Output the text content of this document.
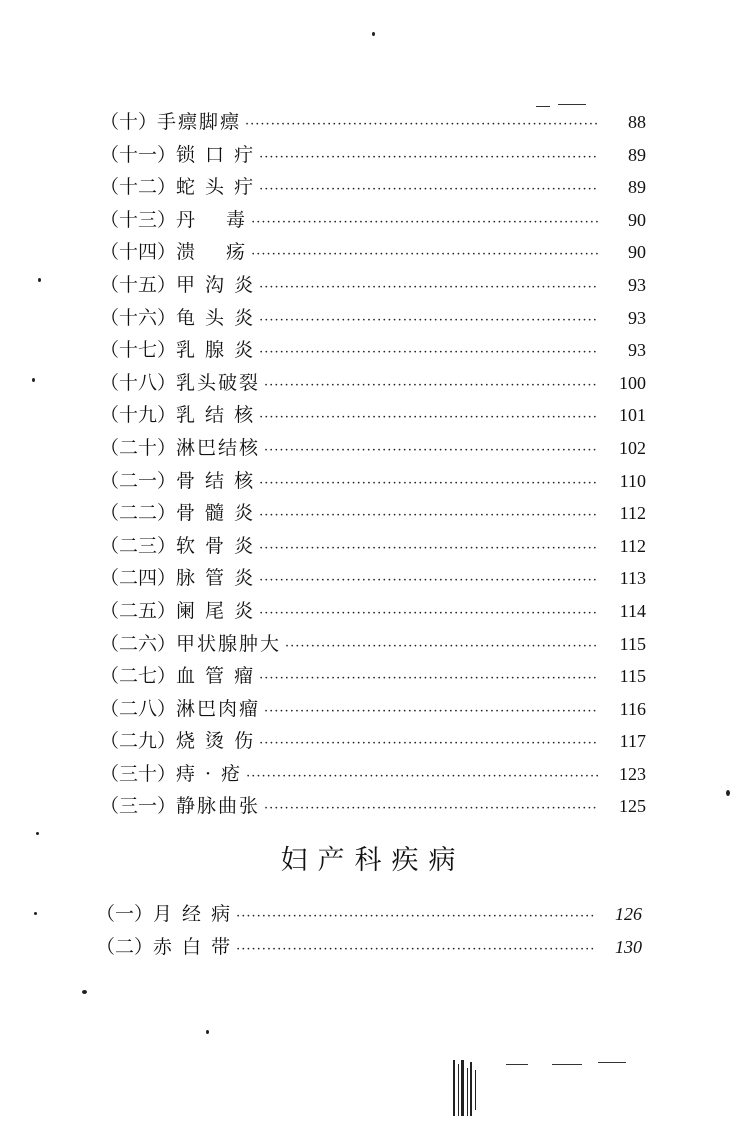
（十） 手瘭脚瘭 ·····	88
（十一） 锁 口 疔 ·····	89
（十二） 蛇 头 疔 ·····	89
（十三） 丹　 毒 ·····	90
（十四） 溃　 疡 ·····	90
（十五） 甲 沟 炎 ·····	93
（十六） 龟 头 炎 ·····	93
（十七） 乳 腺 炎 ·····	93
（十八） 乳头破裂 ·····	100
（十九） 乳 结 核 ·····	101
（二十） 淋巴结核 ·····	102
（二一） 骨 结 核 ·····	110
（二二） 骨 髓 炎 ·····	112
（二三） 软 骨 炎 ·····	112
（二四） 脉 管 炎 ·····	113
（二五） 阑 尾 炎 ·····	114
（二六） 甲状腺肿大 ·····	115
（二七） 血 管 瘤 ·····	115
（二八） 淋巴肉瘤 ·····	116
（二九） 烧 烫 伤 ·····	117
（三十） 痔 · 疮 ·····	123
（三一） 静脉曲张 ·····	125
妇产科疾病
（一） 月 经 病 ·····	126
（二） 赤 白 带 ·····	130
